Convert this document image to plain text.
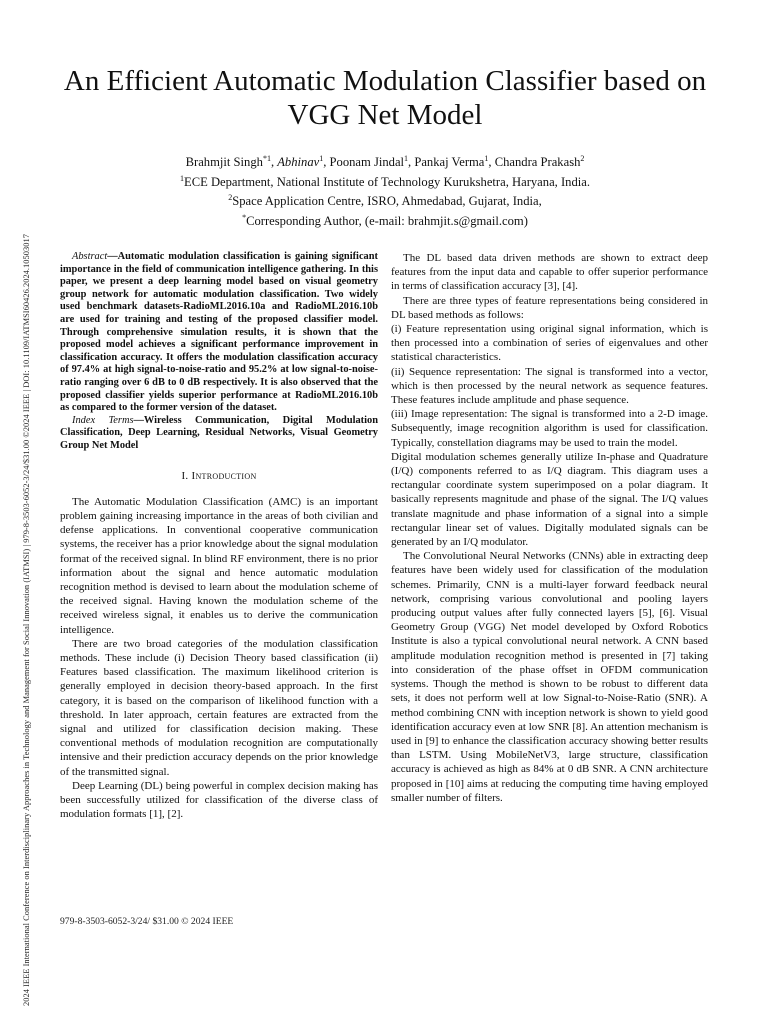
2024 IEEE International Conference on Interdisciplinary Approaches in Technology and Management for Social Innovation (IATMSI) | 979-8-3503-6052-3/24/$31.00 ©2024 IEEE | DOI: 10.1109/IATMSI60426.2024.10503017
An Efficient Automatic Modulation Classifier based on VGG Net Model
Brahmjit Singh$^{*1}$, Abhinav$^1$, Poonam Jindal$^1$, Pankaj Verma$^1$, Chandra Prakash$^2$
$^1$ECE Department, National Institute of Technology Kurukshetra, Haryana, India.
$^2$Space Application Centre, ISRO, Ahmedabad, Gujarat, India,
*Corresponding Author, (e-mail: brahmjit.s@gmail.com)

Abstract—Automatic modulation classification is gaining significant importance in the field of communication intelligence gathering. In this paper, we present a deep learning model based on visual geometry group network for automatic modulation classification. Two widely used benchmark datasets-RadioML2016.10a and RadioML2016.10b are used for training and testing of the proposed classifier model. Through comprehensive simulation results, it is shown that the proposed model achieves a significant performance improvement in classification accuracy. It offers the modulation classification accuracy of 97.4% at high signal-to-noise-ratio and 95.2% at low signal-to-noise-ratio ranging over 6 dB to 0 dB respectively. It is also observed that the proposed classifier yields superior performance at RadioML2016.10b as compared to the former version of the dataset.

Index Terms—Wireless Communication, Digital Modulation Classification, Deep Learning, Residual Networks, Visual Geometry Group Net Model

I. Introduction

The Automatic Modulation Classification (AMC) is an important problem gaining increasing importance in the areas of both civilian and defense applications. In conventional cooperative communication systems, the receiver has a prior knowledge about the signal modulation format of the received signal. In blind RF environment, there is no prior information about the signal and hence automatic modulation recognition method is devised to learn about the modulation scheme of the received signal. Having known the modulation scheme of the received wireless signal, it enables us to derive the communication intelligence.

There are two broad categories of the modulation classification methods. These include (i) Decision Theory based classification (ii) Features based classification. The maximum likelihood criterion is generally employed in decision theory-based approach. In the first category, it is based on the comparison of likelihood function with a threshold. In later approach, certain features are extracted from the signal and utilized for classification decision making. These conventional methods of modulation recognition are computationally intensive and their prediction accuracy depends on the prior knowledge of the transmitted signal.

Deep Learning (DL) being powerful in complex decision making has been successfully utilized for classification of the diverse class of modulation formats [1], [2].

The DL based data driven methods are shown to extract deep features from the input data and capable to offer superior performance in terms of classification accuracy [3], [4].

There are three types of feature representations being considered in DL based methods as follows:

(i) Feature representation using original signal information, which is then processed into a combination of series of eigenvalues and other statistical characteristics.

(ii) Sequence representation: The signal is transformed into a vector, which is then processed by the neural network as sequence features. These features include amplitude and phase sequence.

(iii) Image representation: The signal is transformed into a 2-D image. Subsequently, image recognition algorithm is used for classification. Typically, constellation diagrams may be used to train the model.

Digital modulation schemes generally utilize In-phase and Quadrature (I/Q) components referred to as I/Q diagram. This diagram uses a rectangular coordinate system superimposed on a polar diagram. It basically represents magnitude and phase of the signal. The I/Q values translate magnitude and phase information of a signal into a simple rectangular linear set of values. Digitally modulated signals can be generated by an I/Q modulator.

The Convolutional Neural Networks (CNNs) able in extracting deep features have been widely used for classification of the modulation schemes. Primarily, CNN is a multi-layer forward feedback neural network, comprising various convolutional and pooling layers producing output values after fully connected layers [5], [6]. Visual Geometry Group (VGG) Net model developed by Oxford Robotics Institute is also a typical convolutional neural network. A CNN based amplitude modulation recognition method is presented in [7] taking into consideration of the phase offset in OFDM communication systems. Though the method is shown to be robust to different data sets, it does not perform well at low Signal-to-Noise-Ratio (SNR). A method combining CNN with inception network is shown to yield good identification accuracy even at low SNR [8]. An attention mechanism is used in [9] to enhance the classification accuracy showing better results than LSTM. Using MobileNetV3, large structure, classification accuracy is achieved as high as 84% at 0 dB SNR. A CNN architecture proposed in [10] aims at reducing the computing time having employed smaller number of filters.

979-8-3503-6052-3/24/ $31.00 © 2024 IEEE
